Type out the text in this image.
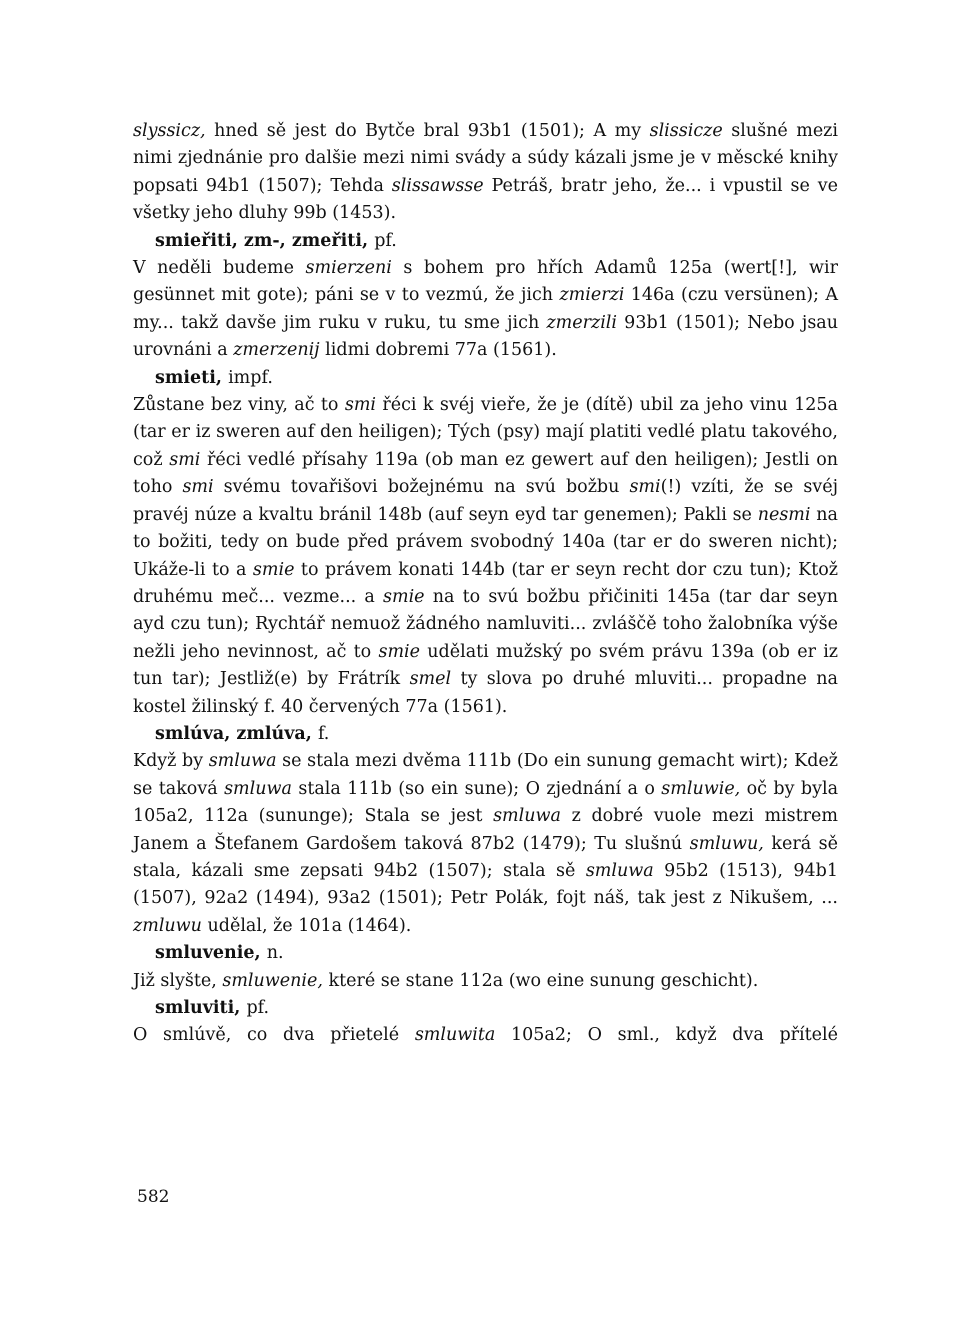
slyssicz, hned sě jest do Bytče bral 93b1 (1501); A my slissicze slušné mezi nimi zjednánie pro dalšie mezi nimi svády a súdy kázali jsme je v měscké knihy popsati 94b1 (1507); Tehda slissawsse Petráš, bratr jeho, že... i vpustil se ve všetky jeho dluhy 99b (1453).

smieřiti, zm-, zmeřiti, pf.

V neděli budeme smierzeni s bohem pro hřích Adamů 125a (wert[!], wir gesünnet mit gote); páni se v to vezmú, že jich zmierzi 146a (czu versünen); A my... takž davše jim ruku v ruku, tu sme jich zmerzili 93b1 (1501); Nebo jsau urovnáni a zmerzenij lidmi dobremi 77a (1561).

smieti, impf.

Zůstane bez viny, ač to smi řéci k svéj vieře, že je (dítě) ubil za jeho vinu 125a (tar er iz sweren auf den heiligen); Tých (psy) mají platiti vedlé platu takového, což smi řéci vedlé přísahy 119a (ob man ez gewert auf den heiligen); Jestli on toho smi svému tovařišovi božejnému na svú božbu smi(!) vzíti, že se svéj pravéj núze a kvaltu bránil 148b (auf seyn eyd tar genemen); Pakli se nesmi na to božiti, tedy on bude před právem svobodný 140a (tar er do sweren nicht); Ukáže-li to a smie to právem konati 144b (tar er seyn recht dor czu tun); Ktož druhému meč... vezme... a smie na to svú božbu přičiniti 145a (tar dar seyn ayd czu tun); Rychtář nemuož žádného namluviti... zvláščě toho žalobníka výše nežli jeho nevinnost, ač to smie udělati mužský po svém právu 139a (ob er iz tun tar); Jestliž(e) by Frátrík smel ty slova po druhé mluviti... propadne na kostel žilinský f. 40 červených 77a (1561).

smlúva, zmlúva, f.

Když by smluwa se stala mezi dvěma 111b (Do ein sunung gemacht wirt); Kdež se taková smluwa stala 111b (so ein sune); O zjednání a o smluwie, oč by byla 105a2, 112a (sununge); Stala se jest smluwa z dobré vuole mezi mistrem Janem a Štefanem Gardošem taková 87b2 (1479); Tu slušnú smluwu, kerá sě stala, kázali sme zepsati 94b2 (1507); stala sě smluwa 95b2 (1513), 94b1 (1507), 92a2 (1494), 93a2 (1501); Petr Polák, fojt náš, tak jest z Nikušem, ... zmluwu udělal, že 101a (1464).

smluvenie, n.

Již slyšte, smluwenie, které se stane 112a (wo eine sunung geschicht).

smluviti, pf.

O smlúvě, co dva přietelé smluwita 105a2; O sml., když dva přítelé

582
